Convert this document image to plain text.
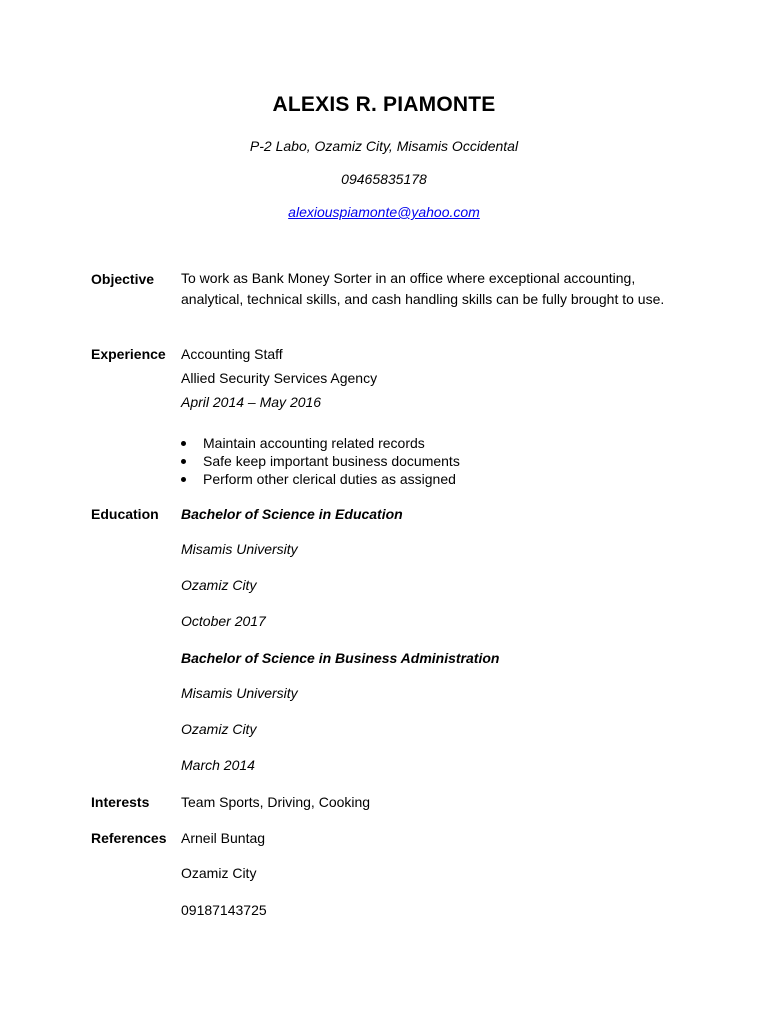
ALEXIS R. PIAMONTE
P-2 Labo, Ozamiz City, Misamis Occidental
09465835178
alexiouspiamonte@yahoo.com
Objective To work as Bank Money Sorter in an office where exceptional accounting, analytical, technical skills, and cash handling skills can be fully brought to use.
Experience Accounting Staff
Allied Security Services Agency
April 2014 – May 2016
Maintain accounting related records
Safe keep important business documents
Perform other clerical duties as assigned
Education Bachelor of Science in Education
Misamis University
Ozamiz City
October 2017
Bachelor of Science in Business Administration
Misamis University
Ozamiz City
March 2014
Interests Team Sports, Driving, Cooking
References Arneil Buntag
Ozamiz City
09187143725
